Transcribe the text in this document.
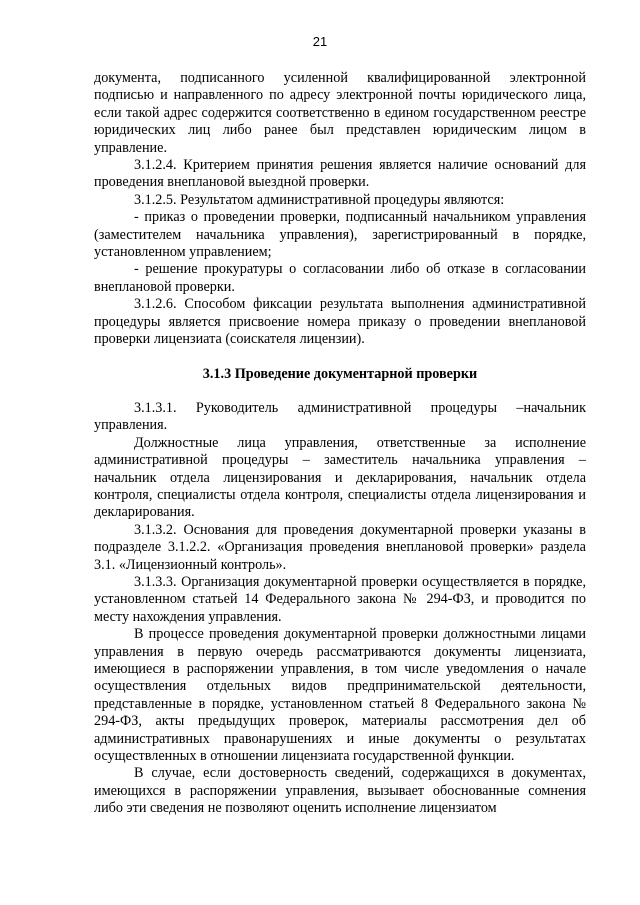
21

документа, подписанного усиленной квалифицированной электронной подписью и направленного по адресу электронной почты юридического лица, если такой адрес содержится соответственно в едином государственном реестре юридических лиц либо ранее был представлен юридическим лицом в управление.

3.1.2.4. Критерием принятия решения является наличие оснований для проведения внеплановой выездной проверки.

3.1.2.5. Результатом административной процедуры являются:

- приказ о проведении проверки, подписанный начальником управления (заместителем начальника управления), зарегистрированный в порядке, установленном управлением;

- решение прокуратуры о согласовании либо об отказе в согласовании внеплановой проверки.

3.1.2.6. Способом фиксации результата выполнения административной процедуры является присвоение номера приказу о проведении внеплановой проверки лицензиата (соискателя лицензии).

3.1.3 Проведение документарной проверки

3.1.3.1. Руководитель административной процедуры –начальник управления.

Должностные лица управления, ответственные за исполнение административной процедуры – заместитель начальника управления – начальник отдела лицензирования и декларирования, начальник отдела контроля, специалисты отдела контроля, специалисты отдела лицензирования и декларирования.

3.1.3.2. Основания для проведения документарной проверки указаны в подразделе 3.1.2.2. «Организация проведения внеплановой проверки» раздела 3.1. «Лицензионный контроль».

3.1.3.3. Организация документарной проверки осуществляется в порядке, установленном статьей 14 Федерального закона № 294-ФЗ, и проводится по месту нахождения управления.

В процессе проведения документарной проверки должностными лицами управления в первую очередь рассматриваются документы лицензиата, имеющиеся в распоряжении управления, в том числе уведомления о начале осуществления отдельных видов предпринимательской деятельности, представленные в порядке, установленном статьей 8 Федерального закона № 294-ФЗ, акты предыдущих проверок, материалы рассмотрения дел об административных правонарушениях и иные документы о результатах осуществленных в отношении лицензиата государственной функции.

В случае, если достоверность сведений, содержащихся в документах, имеющихся в распоряжении управления, вызывает обоснованные сомнения либо эти сведения не позволяют оценить исполнение лицензиатом
